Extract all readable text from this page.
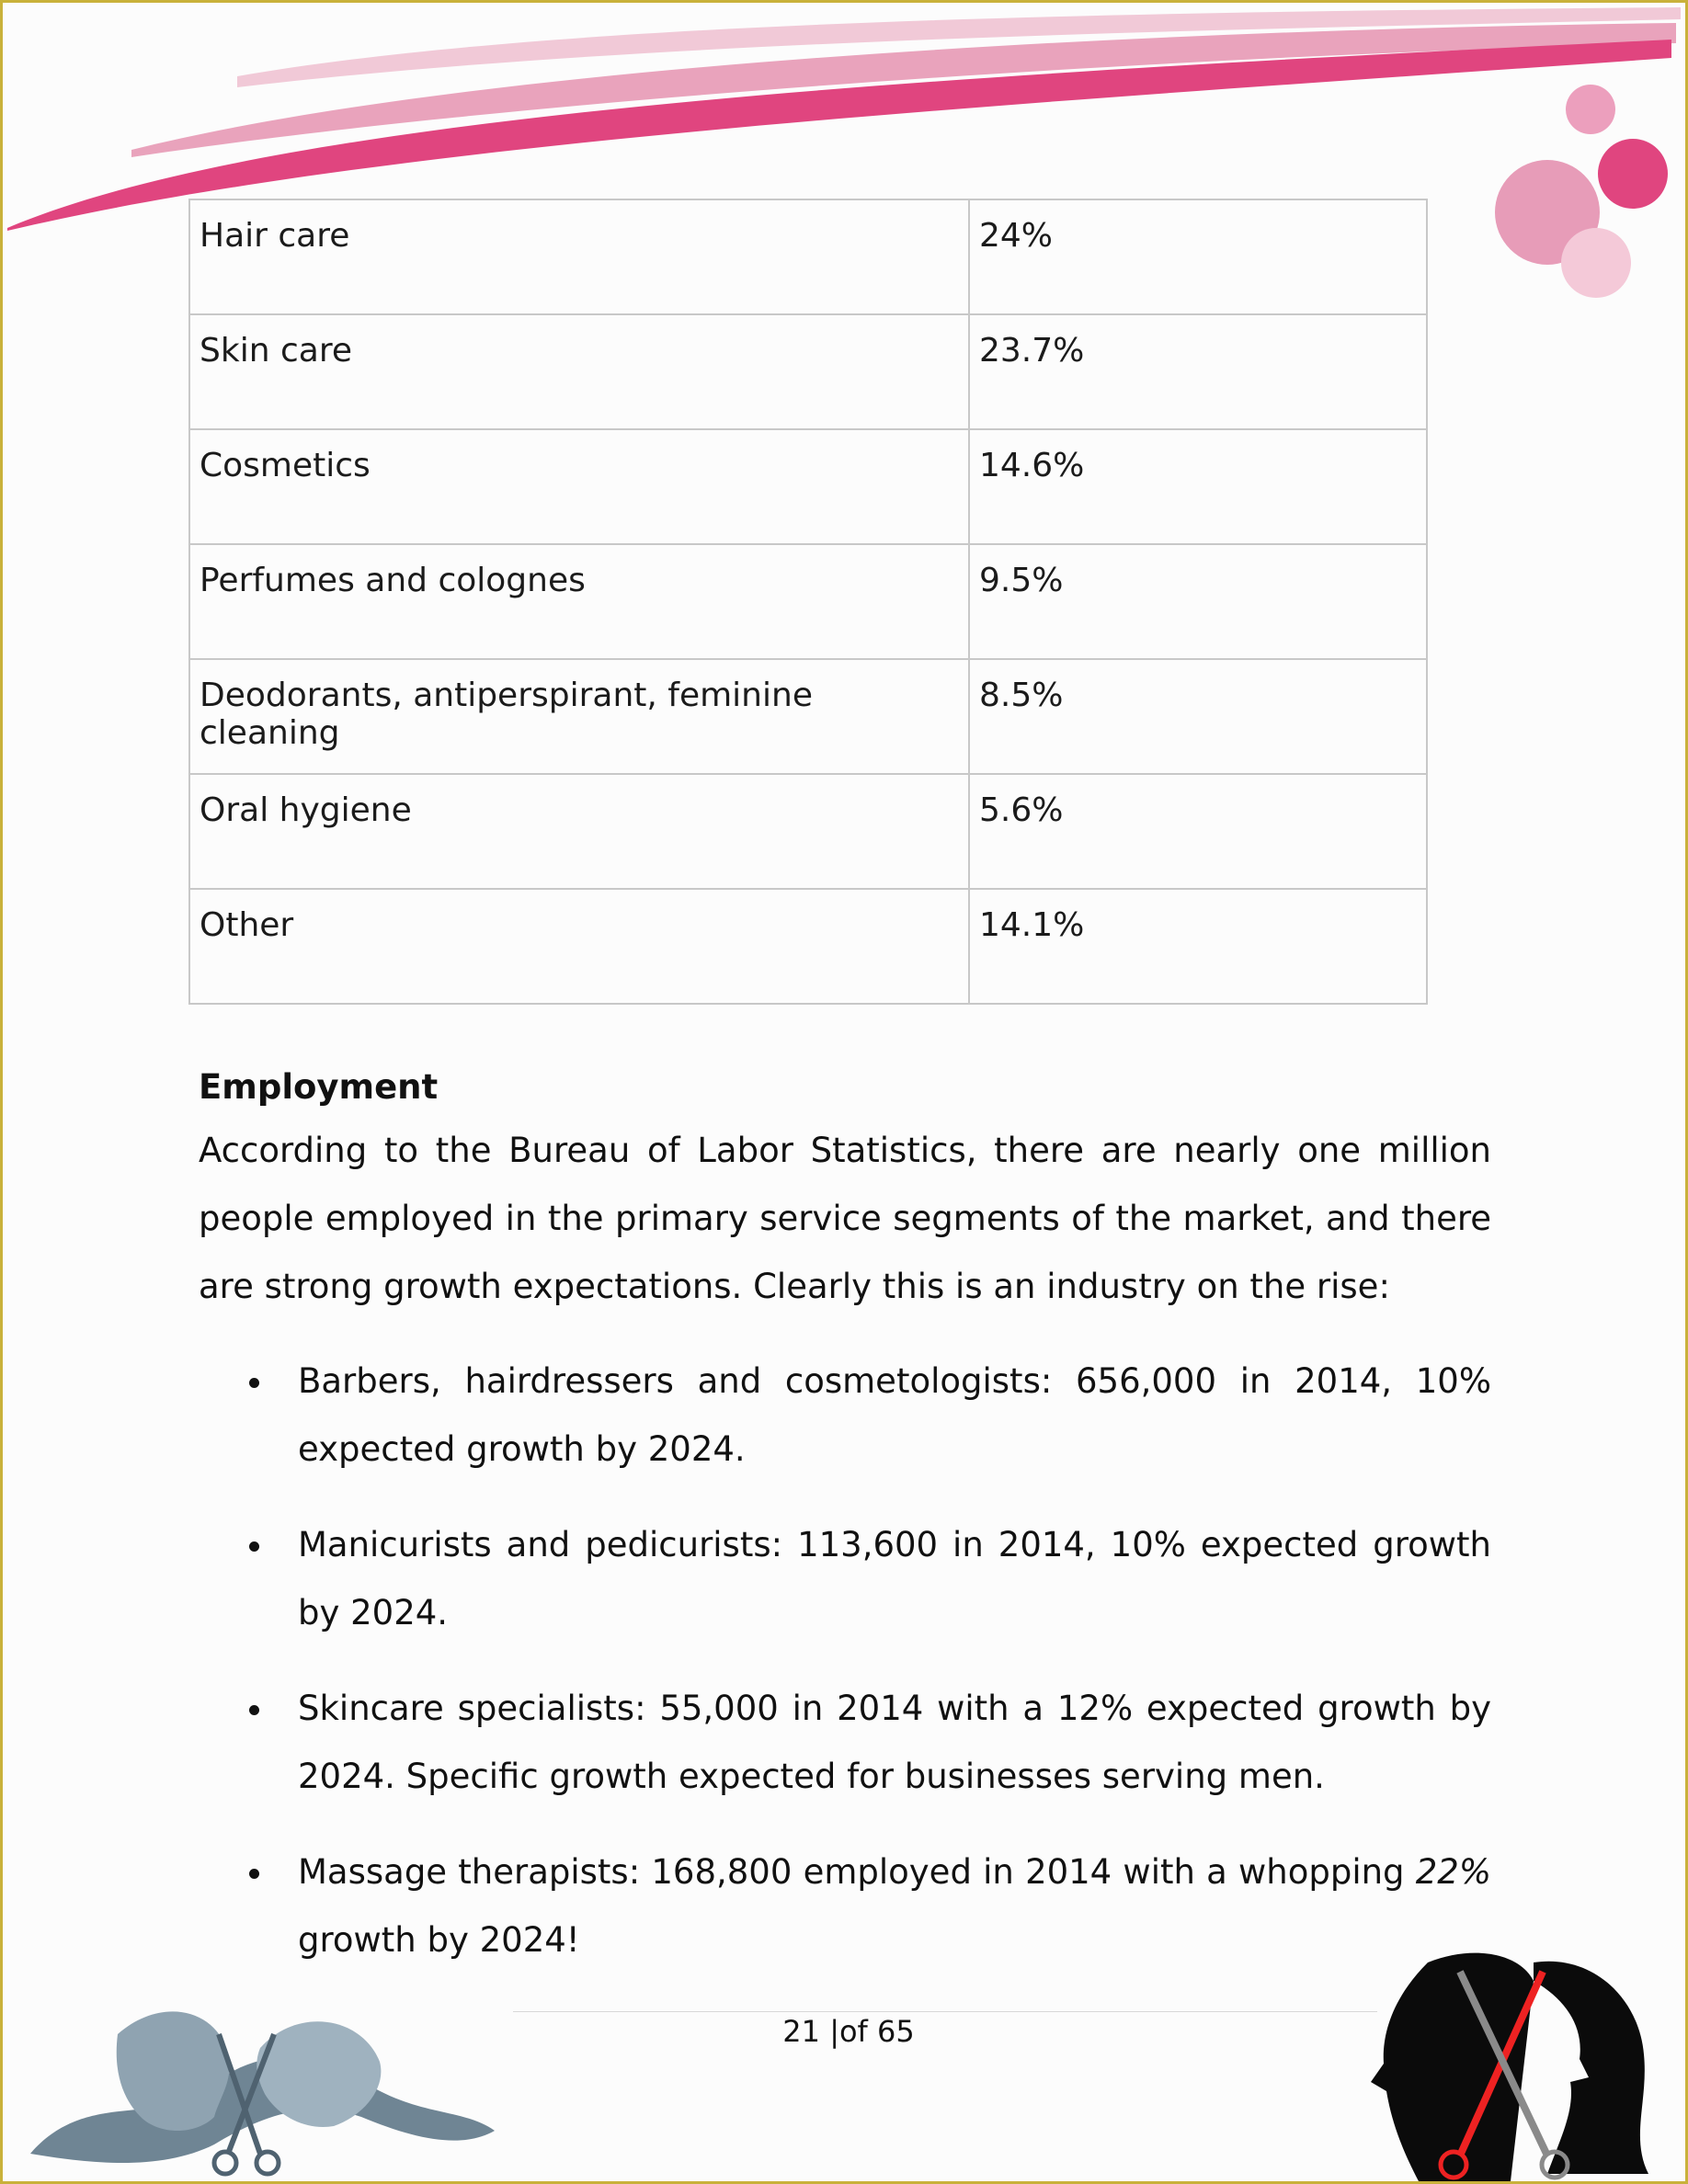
Hair care	24%
Skin care	23.7%
Cosmetics	14.6%
Perfumes and colognes	9.5%
Deodorants, antiperspirant, feminine cleaning	8.5%
Oral hygiene	5.6%
Other	14.1%
Employment
According to the Bureau of Labor Statistics, there are nearly one million people employed in the primary service segments of the market, and there are strong growth expectations. Clearly this is an industry on the rise:
Barbers, hairdressers and cosmetologists: 656,000 in 2014, 10% expected growth by 2024.
Manicurists and pedicurists: 113,600 in 2014, 10% expected growth by 2024.
Skincare specialists: 55,000 in 2014 with a 12% expected growth by 2024. Specific growth expected for businesses serving men.
Massage therapists: 168,800 employed in 2014 with a whopping 22% growth by 2024!
21 |of 65
